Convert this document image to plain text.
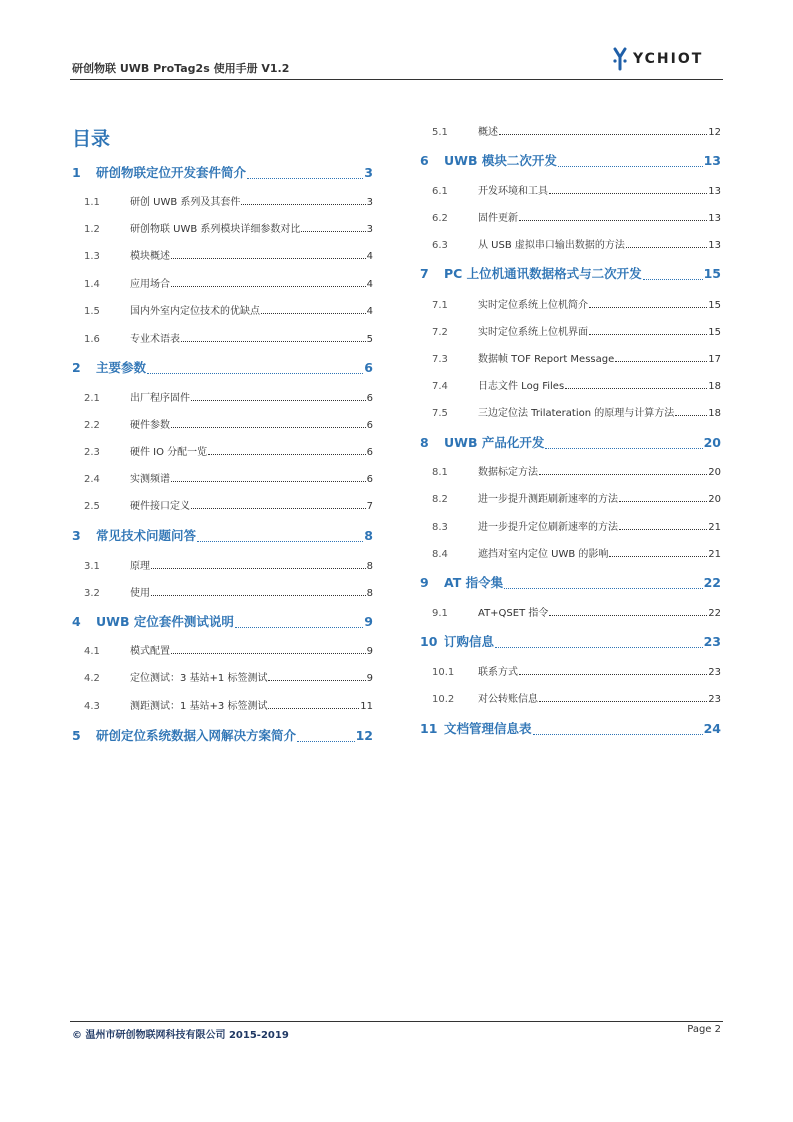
研创物联 UWB ProTag2s 使用手册 V1.2
YCHIOT
目录
1	研创物联定位开发套件简介	3
1.1	研创 UWB 系列及其套件	3
1.2	研创物联 UWB 系列模块详细参数对比	3
1.3	模块概述	4
1.4	应用场合	4
1.5	国内外室内定位技术的优缺点	4
1.6	专业术语表	5
2	主要参数	6
2.1	出厂程序固件	6
2.2	硬件参数	6
2.3	硬件 IO 分配一览	6
2.4	实测频谱	6
2.5	硬件接口定义	7
3	常见技术问题问答	8
3.1	原理	8
3.2	使用	8
4	UWB 定位套件测试说明	9
4.1	模式配置	9
4.2	定位测试：3 基站+1 标签测试	9
4.3	测距测试：1 基站+3 标签测试	11
5	研创定位系统数据入网解决方案简介	12
5.1	概述	12
6	UWB 模块二次开发	13
6.1	开发环境和工具	13
6.2	固件更新	13
6.3	从 USB 虚拟串口输出数据的方法	13
7	PC 上位机通讯数据格式与二次开发	15
7.1	实时定位系统上位机简介	15
7.2	实时定位系统上位机界面	15
7.3	数据帧 TOF Report Message	17
7.4	日志文件 Log Files	18
7.5	三边定位法 Trilateration 的原理与计算方法	18
8	UWB 产品化开发	20
8.1	数据标定方法	20
8.2	进一步提升测距刷新速率的方法	20
8.3	进一步提升定位刷新速率的方法	21
8.4	遮挡对室内定位 UWB 的影响	21
9	AT 指令集	22
9.1	AT+QSET 指令	22
10 订购信息	23
10.1	联系方式	23
10.2	对公转账信息	23
11 文档管理信息表	24
© 温州市研创物联网科技有限公司 2015-2019
Page 2
